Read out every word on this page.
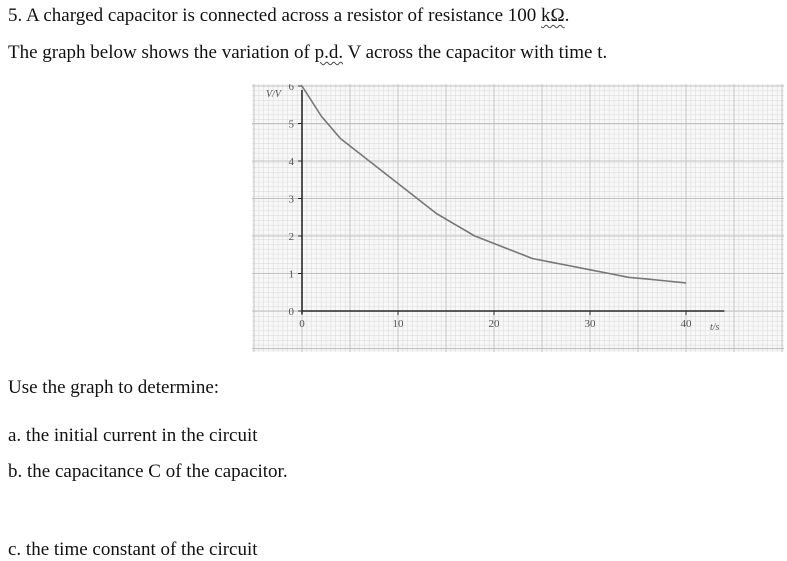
5. A charged capacitor is connected across a resistor of resistance 100 kΩ.

The graph below shows the variation of p.d. V across the capacitor with time t.

0
1
2
3
4
5
6
0	10	20	30	40
V/V
t/s

Use the graph to determine:

a. the initial current in the circuit

b. the capacitance C of the capacitor.

c. the time constant of the circuit
